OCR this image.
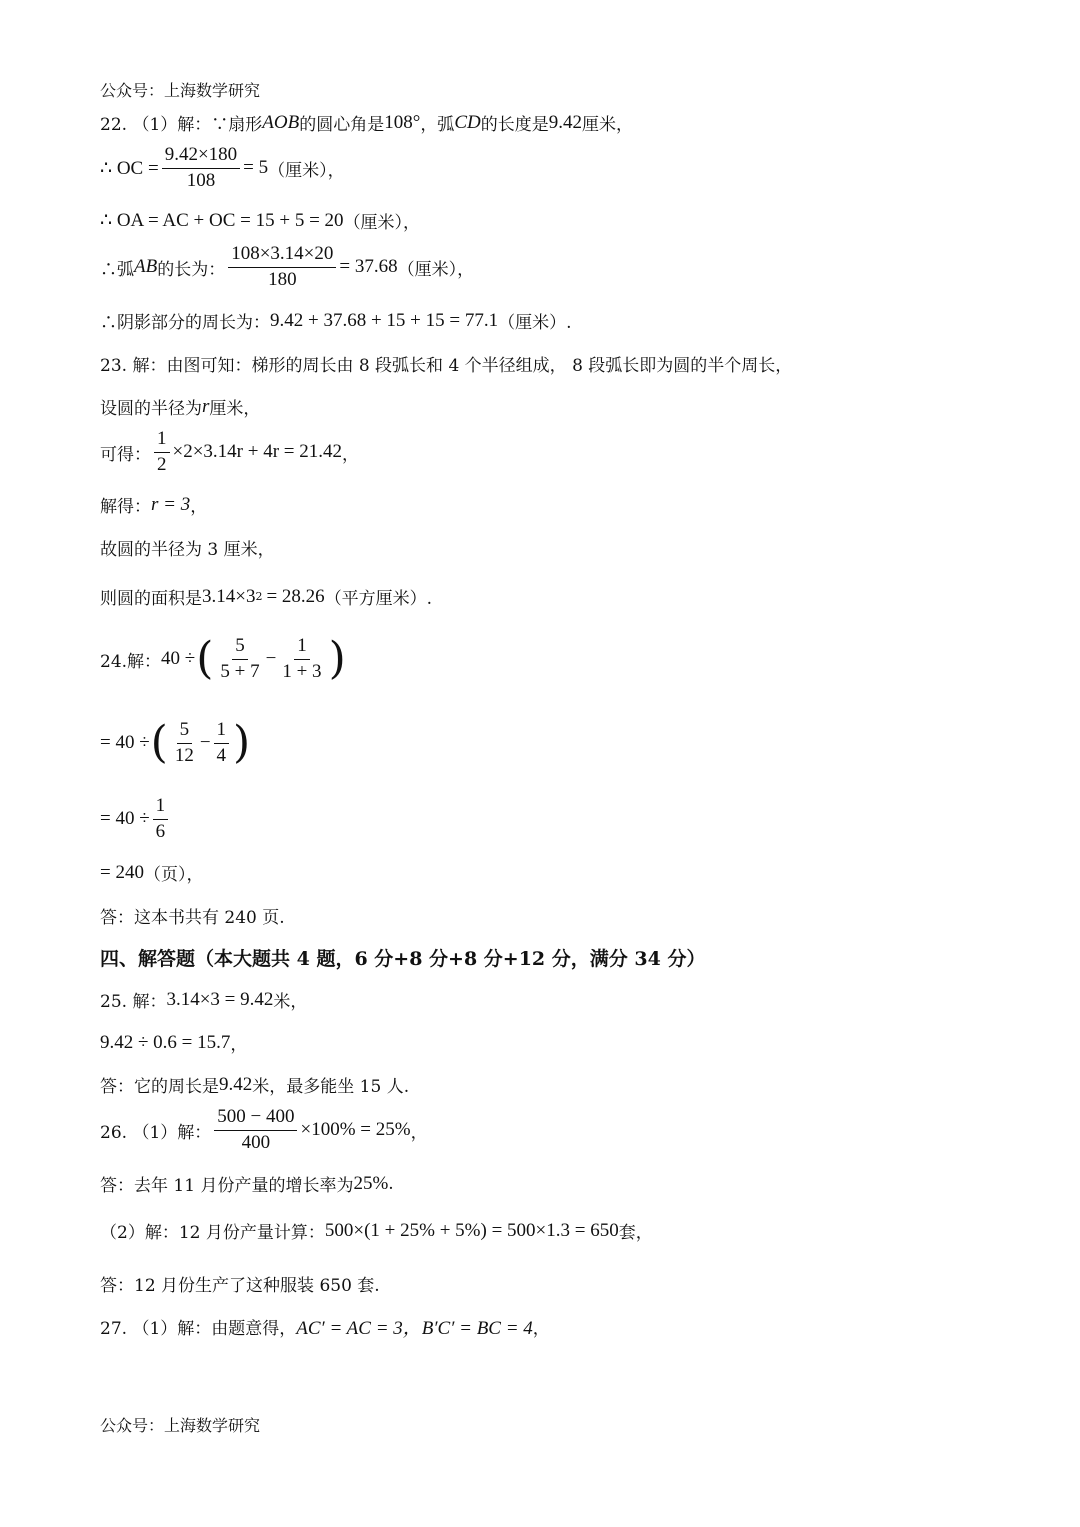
公众号：上海数学研究
22. （1）解：∵扇形 AOB 的圆心角是 108° ，弧 CD 的长度是 9.42 厘米，
∴ OC = $\frac{9.42\times 180}{108} = 5$ （厘米），
∴ OA = AC + OC = 15 + 5 = 20 （厘米），
∴弧 AB 的长为： $\frac{108\times 3.14\times 20}{180} = 37.68$ （厘米），
∴阴影部分的周长为： 9.42 + 37.68 + 15 + 15 = 77.1 （厘米）.
23. 解：由图可知：梯形的周长由 8 段弧长和 4 个半径组成， 8 段弧长即为圆的半个周长，
设圆的半径为 r 厘米，
可得： $\frac{1}{2} \times 2\times 3.14r + 4r = 21.42$ ，
解得： r = 3 ，
故圆的半径为 3 厘米，
则圆的面积是 3.14×3 2 = 28.26 （平方厘米）.
24.解： 40 ÷ ( $\frac{5}{5 + 7} - \frac{1}{1 + 3}$ )
= 40 ÷ ( $\frac{5}{12} - \frac{1}{4}$ )
= $40 \div \frac{1}{6}$
= 240 （页），
答：这本书共有 240 页.
四、解答题（本大题共 4 题，6 分+8 分+8 分+12 分，满分 34 分）
25. 解： 3.14×3 = 9.42 米，
9.42 ÷ 0.6 = 15.7 ，
答：它的周长是 9.42 米，最多能坐 15 人.
26. （1）解： $\frac{500 - 400}{400} \times 100\% = 25\%$ ，
答：去年 11 月份产量的增长率为 25% .
（2）解：12 月份产量计算： 500×(1 + 25% + 5%) = 500×1.3 = 650 套，
答：12 月份生产了这种服装 650 套.
27. （1）解：由题意得， AC′ = AC = 3，B′C′ = BC = 4 ，
公众号：上海数学研究
